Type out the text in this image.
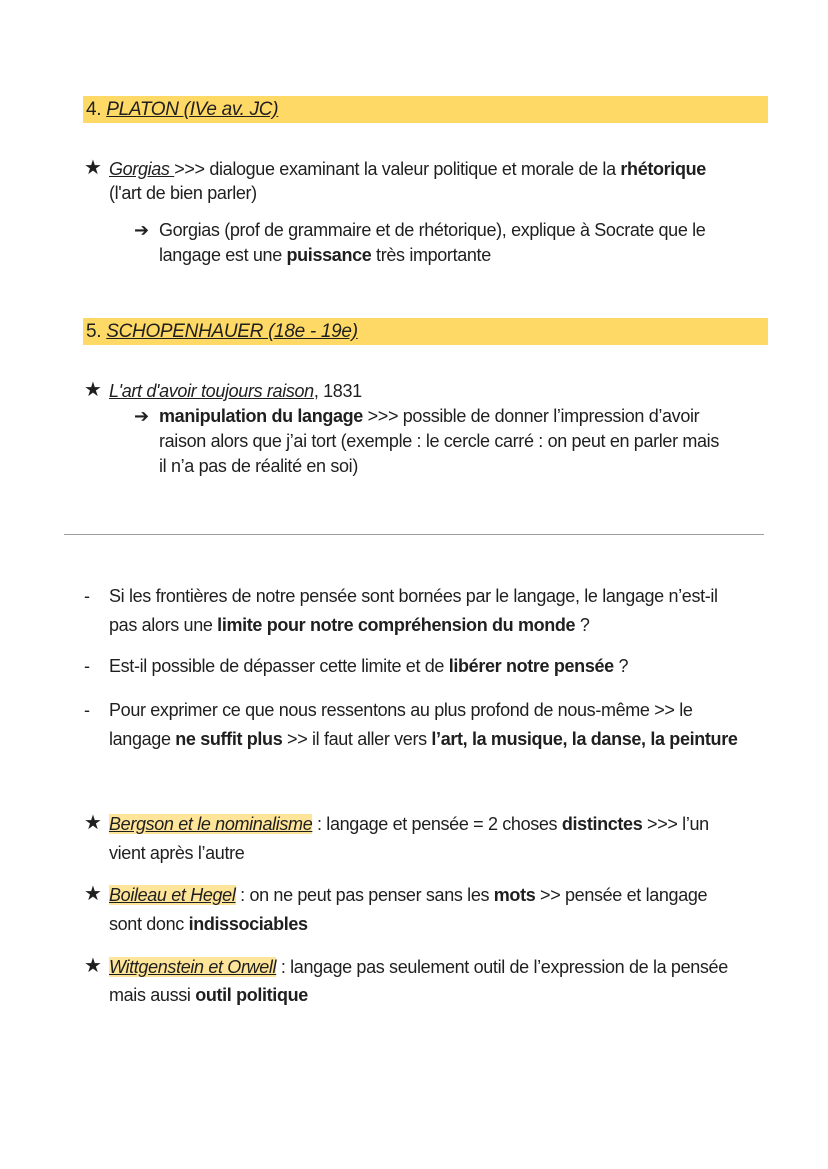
4. PLATON (IVe av. JC)
★ Gorgias >>> dialogue examinant la valeur politique et morale de la rhétorique
(l'art de bien parler)
➔ Gorgias (prof de grammaire et de rhétorique), explique à Socrate que le
langage est une puissance très importante
5. SCHOPENHAUER (18e - 19e)
★ L'art d'avoir toujours raison, 1831
➔ manipulation du langage >>> possible de donner l’impression d’avoir
raison alors que j’ai tort (exemple : le cercle carré : on peut en parler mais
il n’a pas de réalité en soi)
- Si les frontières de notre pensée sont bornées par le langage, le langage n’est-il
pas alors une limite pour notre compréhension du monde ?
- Est-il possible de dépasser cette limite et de libérer notre pensée ?
- Pour exprimer ce que nous ressentons au plus profond de nous-même >> le
langage ne suffit plus >> il faut aller vers l’art, la musique, la danse, la peinture
★ Bergson et le nominalisme : langage et pensée = 2 choses distinctes >>> l’un
vient après l’autre
★ Boileau et Hegel : on ne peut pas penser sans les mots >> pensée et langage
sont donc indissociables
★ Wittgenstein et Orwell : langage pas seulement outil de l’expression de la pensée
mais aussi outil politique
